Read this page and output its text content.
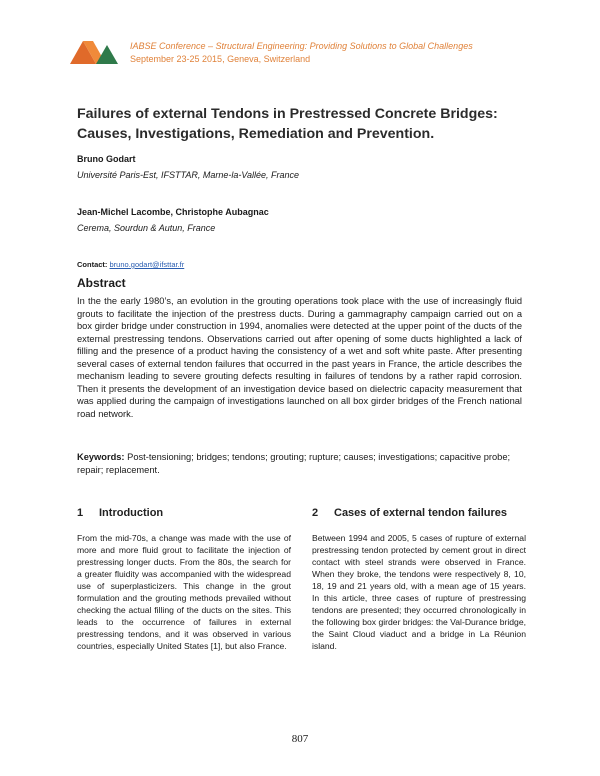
IABSE Conference – Structural Engineering: Providing Solutions to Global Challenges
September 23-25 2015, Geneva, Switzerland
Failures of external Tendons in Prestressed Concrete Bridges: Causes, Investigations, Remediation and Prevention.
Bruno Godart
Université Paris-Est, IFSTTAR, Marne-la-Vallée, France
Jean-Michel Lacombe, Christophe Aubagnac
Cerema, Sourdun & Autun, France
Contact: bruno.godart@ifsttar.fr
Abstract
In the the early 1980’s, an evolution in the grouting operations took place with the use of increasingly fluid grouts to facilitate the injection of the prestress ducts. During a gammagraphy campaign carried out on a box girder bridge under construction in 1994, anomalies were detected at the upper point of the ducts of the external prestressing tendons. Observations carried out after opening of some ducts highlighted a lack of filling and the presence of a product having the consistency of a wet and soft white paste. After presenting several cases of external tendon failures that occurred in the past years in France, the article describes the mechanism leading to severe grouting defects resulting in failures of tendons by a rather rapid corrosion. Then it presents the development of an investigation device based on dielectric capacity measurement that was applied during the campaign of investigations launched on all box girder bridges of the French national road network.
Keywords: Post-tensioning; bridges; tendons; grouting; rupture; causes; investigations; capacitive probe; repair; replacement.
1 Introduction
From the mid-70s, a change was made with the use of more and more fluid grout to facilitate the injection of prestressing longer ducts. From the 80s, the search for a greater fluidity was accompanied with the widespread use of superplasticizers. This change in the grout formulation and the grouting methods prevailed without checking the actual filling of the ducts on the sites. This leads to the occurrence of failures in external prestressing tendons, and it was observed in various countries, especially United States [1], but also France.
2 Cases of external tendon failures
Between 1994 and 2005, 5 cases of rupture of external prestressing tendon protected by cement grout in direct contact with steel strands were observed in France. When they broke, the tendons were respectively 8, 10, 18, 19 and 21 years old, with a mean age of 15 years. In this article, three cases of rupture of prestressing tendons are presented; they occurred chronologically in the following box girder bridges: the Val-Durance bridge, the Saint Cloud viaduct and a bridge in La Réunion island.
807
